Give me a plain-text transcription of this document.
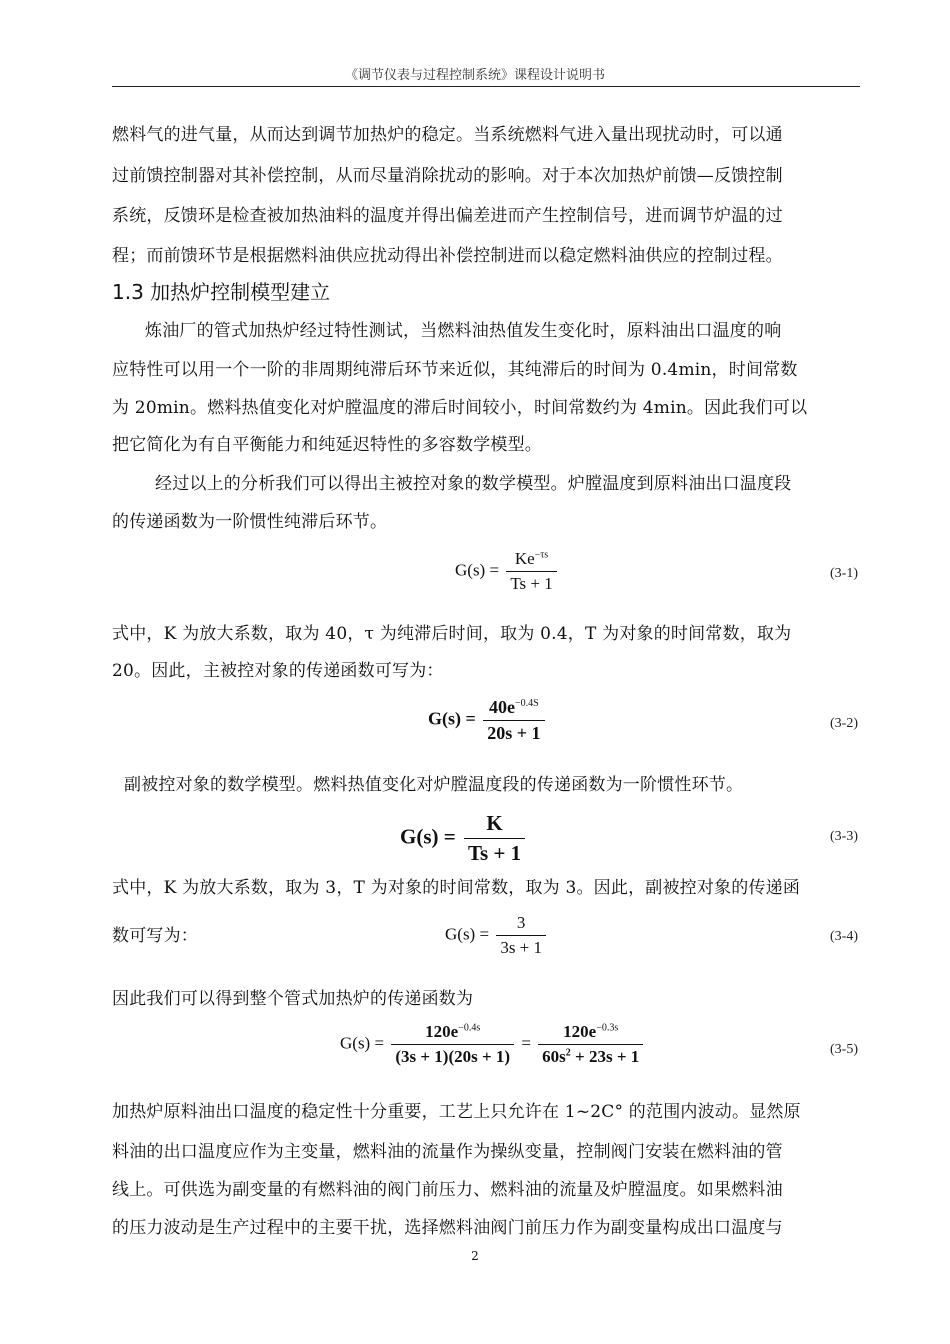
《调节仪表与过程控制系统》课程设计说明书
燃料气的进气量，从而达到调节加热炉的稳定。当系统燃料气进入量出现扰动时，可以通
过前馈控制器对其补偿控制，从而尽量消除扰动的影响。对于本次加热炉前馈—反馈控制
系统，反馈环是检查被加热油料的温度并得出偏差进而产生控制信号，进而调节炉温的过
程；而前馈环节是根据燃料油供应扰动得出补偿控制进而以稳定燃料油供应的控制过程。
1.3 加热炉控制模型建立
炼油厂的管式加热炉经过特性测试，当燃料油热值发生变化时，原料油出口温度的响
应特性可以用一个一阶的非周期纯滞后环节来近似，其纯滞后的时间为 0.4min，时间常数
为 20min。燃料热值变化对炉膛温度的滞后时间较小，时间常数约为 4min。因此我们可以
把它简化为有自平衡能力和纯延迟特性的多容数学模型。
经过以上的分析我们可以得出主被控对象的数学模型。炉膛温度到原料油出口温度段
的传递函数为一阶惯性纯滞后环节。
$G(s) = \frac{Ke^{-\tau s}}{Ts + 1}$	(3-1)
式中，K 为放大系数，取为 40，τ 为纯滞后时间，取为 0.4，T 为对象的时间常数，取为
20。因此，主被控对象的传递函数可写为：
$G(s) = \frac{40e^{-0.4S}}{20s + 1}$	(3-2)
副被控对象的数学模型。燃料热值变化对炉膛温度段的传递函数为一阶惯性环节。
$G(s) = \frac{K}{Ts + 1}$	(3-3)
式中，K 为放大系数，取为 3，T 为对象的时间常数，取为 3。因此，副被控对象的传递函
数可写为：	$G(s) = \frac{3}{3s + 1}$	(3-4)
因此我们可以得到整个管式加热炉的传递函数为
$G(s) = \frac{120e^{-0.4s}}{(3s + 1)(20s + 1)} = \frac{120e^{-0.3s}}{60s^2 + 23s + 1}$	(3-5)
加热炉原料油出口温度的稳定性十分重要，工艺上只允许在 1~2C° 的范围内波动。显然原
料油的出口温度应作为主变量，燃料油的流量作为操纵变量，控制阀门安装在燃料油的管
线上。可供选为副变量的有燃料油的阀门前压力、燃料油的流量及炉膛温度。如果燃料油
的压力波动是生产过程中的主要干扰，选择燃料油阀门前压力作为副变量构成出口温度与
2
